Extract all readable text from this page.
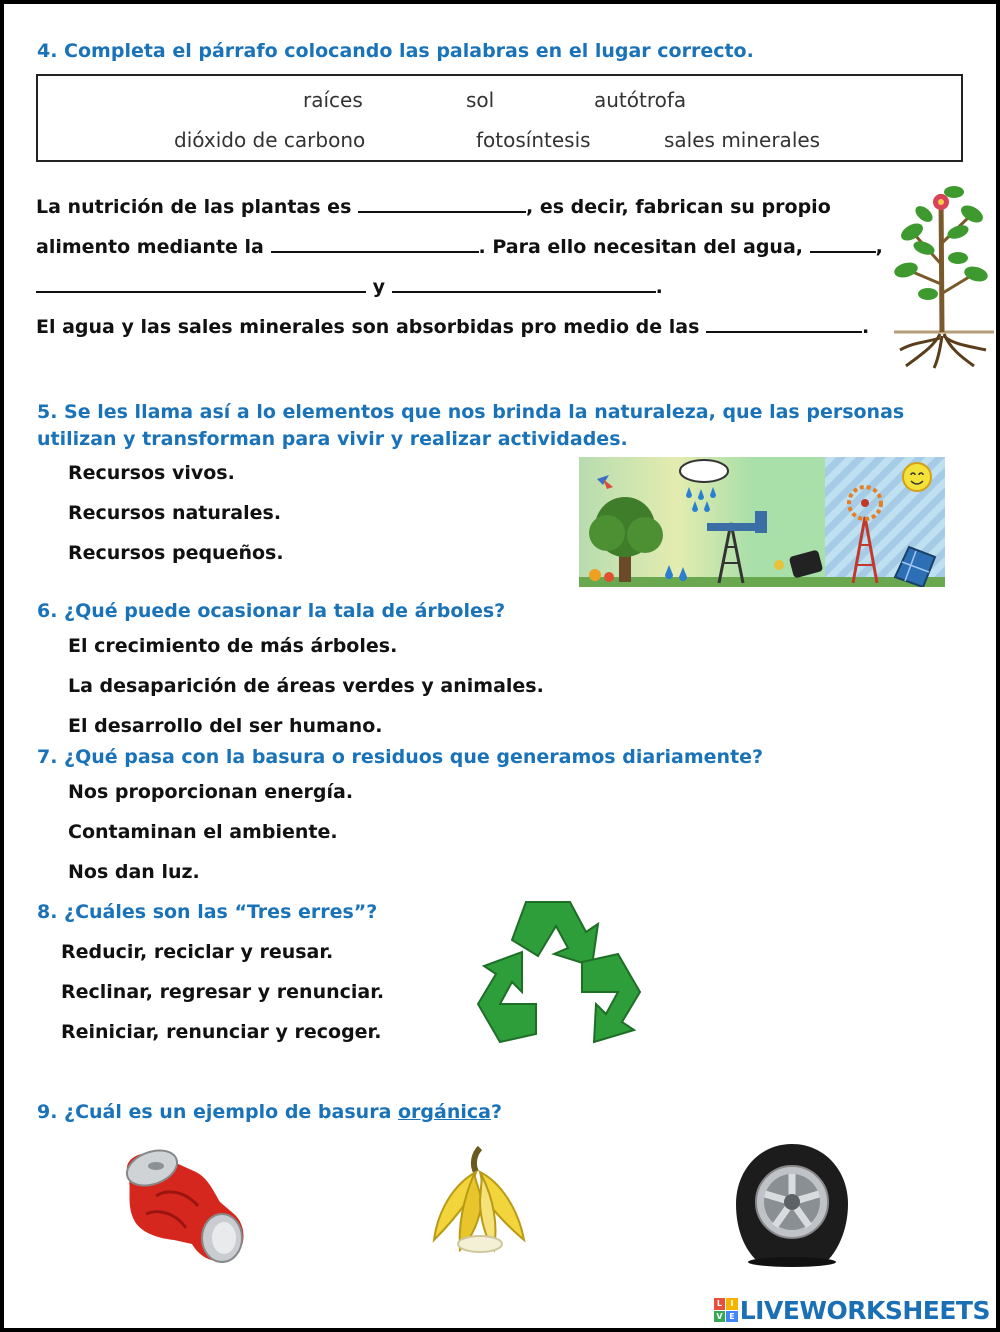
4. Completa el párrafo colocando las palabras en el lugar correcto.
raíces	sol	autótrofa
dióxido de carbono	fotosíntesis	sales minerales
La nutrición de las plantas es	, es decir, fabrican su propio
alimento mediante la	. Para ello necesitan del agua,	,
y	.
El agua y las sales minerales son absorbidas pro medio de las	.
5. Se les llama así a lo elementos que nos brinda la naturaleza, que las personas utilizan y transforman para vivir y realizar actividades.
Recursos vivos.
Recursos naturales.
Recursos pequeños.
6. ¿Qué puede ocasionar la tala de árboles?
El crecimiento de más árboles.
La desaparición de áreas verdes y animales.
El desarrollo del ser humano.
7. ¿Qué pasa con la basura o residuos que generamos diariamente?
Nos proporcionan energía.
Contaminan el ambiente.
Nos dan luz.
8. ¿Cuáles son las “Tres erres”?
Reducir, reciclar y reusar.
Reclinar, regresar y renunciar.
Reiniciar, renunciar y recoger.
9. ¿Cuál es un ejemplo de basura orgánica?
L	I
V E LIVEWORKSHEETS
